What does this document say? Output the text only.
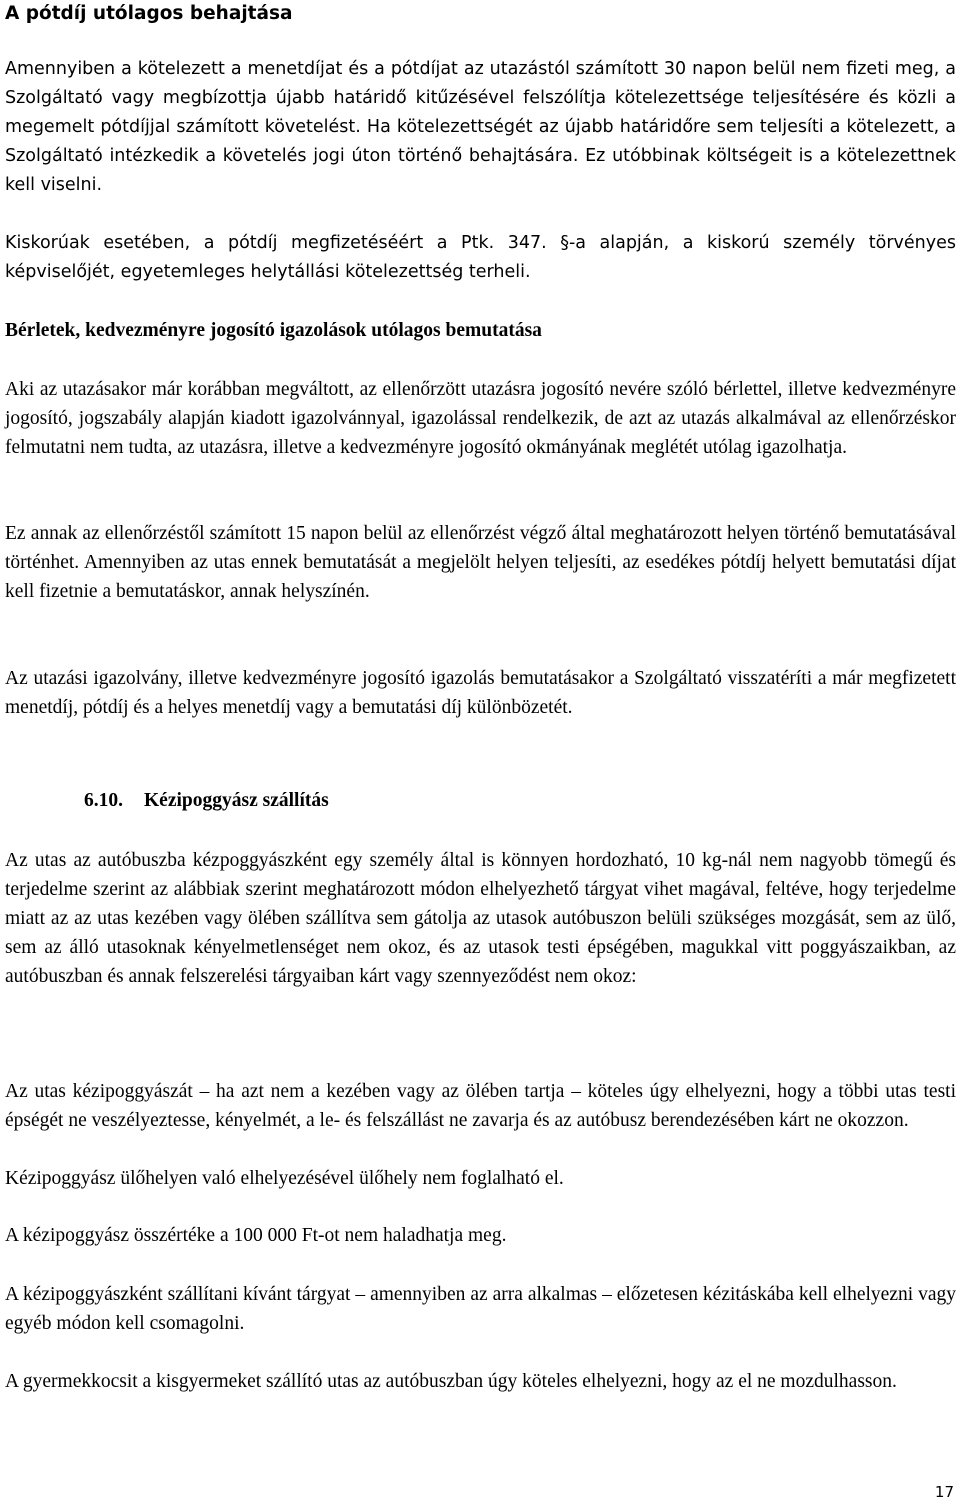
A pótdíj utólagos behajtása

Amennyiben a kötelezett a menetdíjat és a pótdíjat az utazástól számított 30 napon belül nem fizeti meg, a Szolgáltató vagy megbízottja újabb határidő kitűzésével felszólítja kötelezettsége teljesítésére és közli a megemelt pótdíjjal számított követelést. Ha kötelezettségét az újabb határidőre sem teljesíti a kötelezett, a Szolgáltató intézkedik a követelés jogi úton történő behajtására. Ez utóbbinak költségeit is a kötelezettnek kell viselni.

Kiskorúak esetében, a pótdíj megfizetéséért a Ptk. 347. §-a alapján, a kiskorú személy törvényes képviselőjét, egyetemleges helytállási kötelezettség terheli.

Bérletek, kedvezményre jogosító igazolások utólagos bemutatása

Aki az utazásakor már korábban megváltott, az ellenőrzött utazásra jogosító nevére szóló bérlettel, illetve kedvezményre jogosító, jogszabály alapján kiadott igazolvánnyal, igazolással rendelkezik, de azt az utazás alkalmával az ellenőrzéskor felmutatni nem tudta, az utazásra, illetve a kedvezményre jogosító okmányának meglétét utólag igazolhatja.

Ez annak az ellenőrzéstől számított 15 napon belül az ellenőrzést végző által meghatározott helyen történő bemutatásával történhet. Amennyiben az utas ennek bemutatását a megjelölt helyen teljesíti, az esedékes pótdíj helyett bemutatási díjat kell fizetnie a bemutatáskor, annak helyszínén.

Az utazási igazolvány, illetve kedvezményre jogosító igazolás bemutatásakor a Szolgáltató visszatéríti a már megfizetett menetdíj, pótdíj és a helyes menetdíj vagy a bemutatási díj különbözetét.

6.10. Kézipoggyász szállítás

Az utas az autóbuszba kézpoggyászként egy személy által is könnyen hordozható, 10 kg-nál nem nagyobb tömegű és terjedelme szerint az alábbiak szerint meghatározott módon elhelyezhető tárgyat vihet magával, feltéve, hogy terjedelme miatt az az utas kezében vagy ölében szállítva sem gátolja az utasok autóbuszon belüli szükséges mozgását, sem az ülő, sem az álló utasoknak kényelmetlenséget nem okoz, és az utasok testi épségében, magukkal vitt poggyászaikban, az autóbuszban és annak felszerelési tárgyaiban kárt vagy szennyeződést nem okoz:

Az utas kézipoggyászát – ha azt nem a kezében vagy az ölében tartja – köteles úgy elhelyezni, hogy a többi utas testi épségét ne veszélyeztesse, kényelmét, a le- és felszállást ne zavarja és az autóbusz berendezésében kárt ne okozzon.

Kézipoggyász ülőhelyen való elhelyezésével ülőhely nem foglalható el.

A kézipoggyász összértéke a 100 000 Ft-ot nem haladhatja meg.

A kézipoggyászként szállítani kívánt tárgyat – amennyiben az arra alkalmas – előzetesen kézitáskába kell elhelyezni vagy egyéb módon kell csomagolni.

A gyermekkocsit a kisgyermeket szállító utas az autóbuszban úgy köteles elhelyezni, hogy az el ne mozdulhasson.

17
